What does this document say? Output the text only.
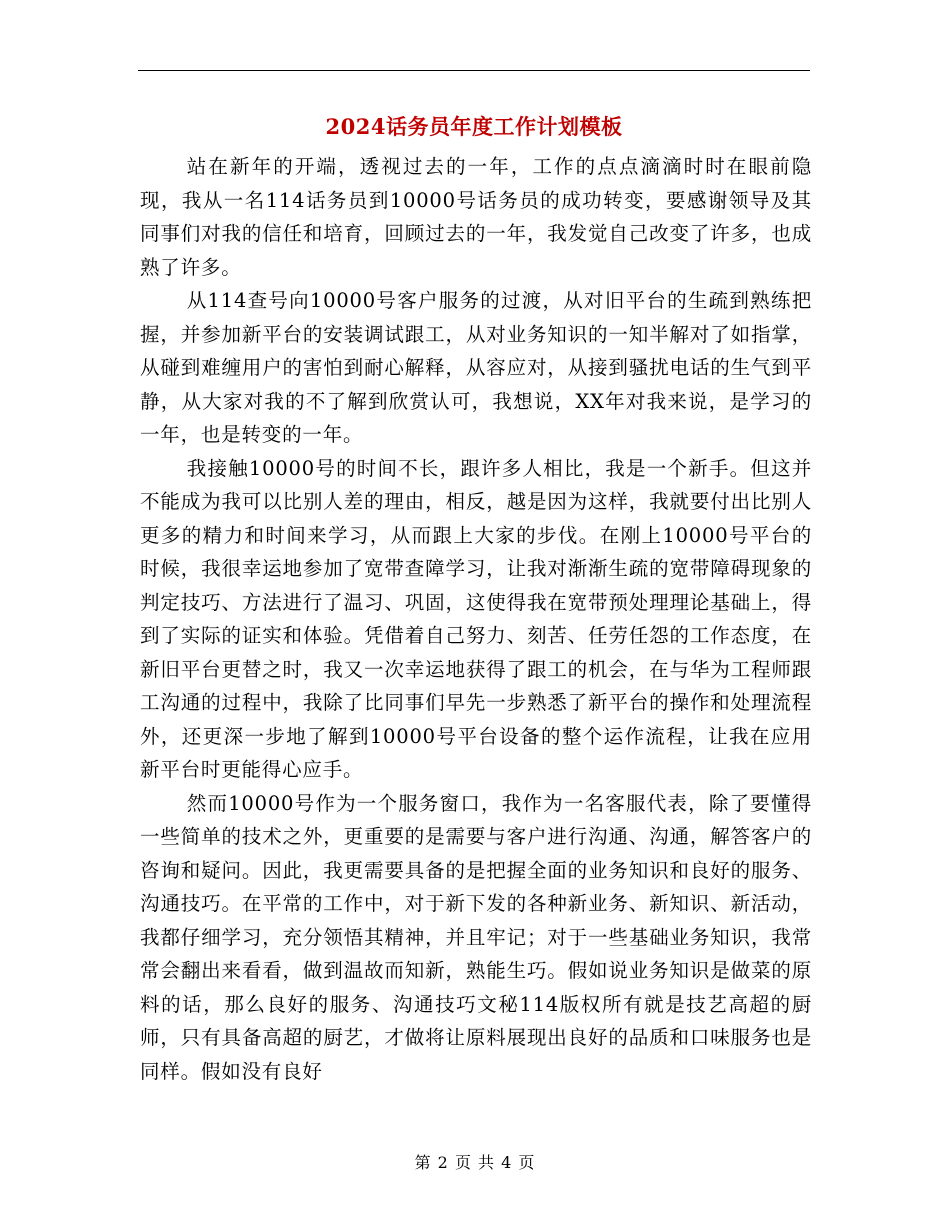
2024话务员年度工作计划模板

站在新年的开端，透视过去的一年，工作的点点滴滴时时在眼前隐现，我从一名114话务员到10000号话务员的成功转变，要感谢领导及其同事们对我的信任和培育，回顾过去的一年，我发觉自己改变了许多，也成熟了许多。

从114查号向10000号客户服务的过渡，从对旧平台的生疏到熟练把握，并参加新平台的安装调试跟工，从对业务知识的一知半解对了如指掌，从碰到难缠用户的害怕到耐心解释，从容应对，从接到骚扰电话的生气到平静，从大家对我的不了解到欣赏认可，我想说，XX年对我来说，是学习的一年，也是转变的一年。

我接触10000号的时间不长，跟许多人相比，我是一个新手。但这并不能成为我可以比别人差的理由，相反，越是因为这样，我就要付出比别人更多的精力和时间来学习，从而跟上大家的步伐。在刚上10000号平台的时候，我很幸运地参加了宽带查障学习，让我对渐渐生疏的宽带障碍现象的判定技巧、方法进行了温习、巩固，这使得我在宽带预处理理论基础上，得到了实际的证实和体验。凭借着自己努力、刻苦、任劳任怨的工作态度，在新旧平台更替之时，我又一次幸运地获得了跟工的机会，在与华为工程师跟工沟通的过程中，我除了比同事们早先一步熟悉了新平台的操作和处理流程外，还更深一步地了解到10000号平台设备的整个运作流程，让我在应用新平台时更能得心应手。

然而10000号作为一个服务窗口，我作为一名客服代表，除了要懂得一些简单的技术之外，更重要的是需要与客户进行沟通、沟通，解答客户的咨询和疑问。因此，我更需要具备的是把握全面的业务知识和良好的服务、沟通技巧。在平常的工作中，对于新下发的各种新业务、新知识、新活动，我都仔细学习，充分领悟其精神，并且牢记；对于一些基础业务知识，我常常会翻出来看看，做到温故而知新，熟能生巧。假如说业务知识是做菜的原料的话，那么良好的服务、沟通技巧文秘114版权所有就是技艺高超的厨师，只有具备高超的厨艺，才做将让原料展现出良好的品质和口味服务也是同样。假如没有良好

第 2 页 共 4 页
